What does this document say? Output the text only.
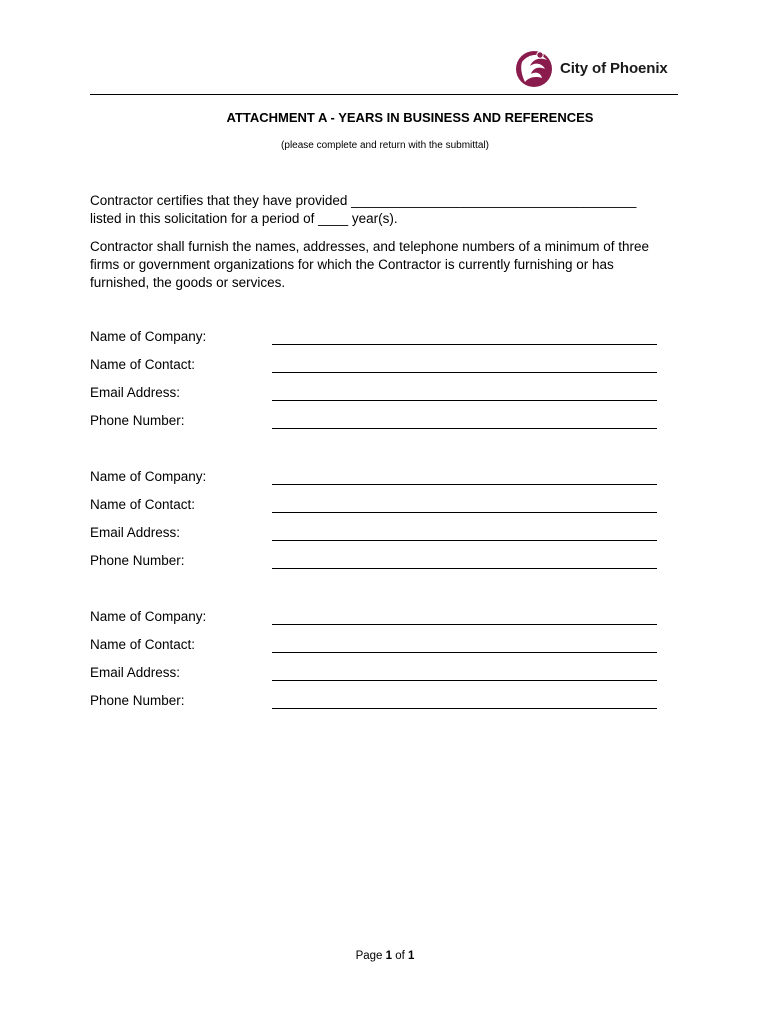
City of Phoenix
ATTACHMENT A - YEARS IN BUSINESS AND REFERENCES
(please complete and return with the submittal)

Contractor certifies that they have provided ______________________________________
listed in this solicitation for a period of ____ year(s).

Contractor shall furnish the names, addresses, and telephone numbers of a minimum of three
firms or government organizations for which the Contractor is currently furnishing or has
furnished, the goods or services.

Name of Company:
Name of Contact:
Email Address:
Phone Number:
Name of Company:
Name of Contact:
Email Address:
Phone Number:
Name of Company:
Name of Contact:
Email Address:
Phone Number:
Page 1 of 1
